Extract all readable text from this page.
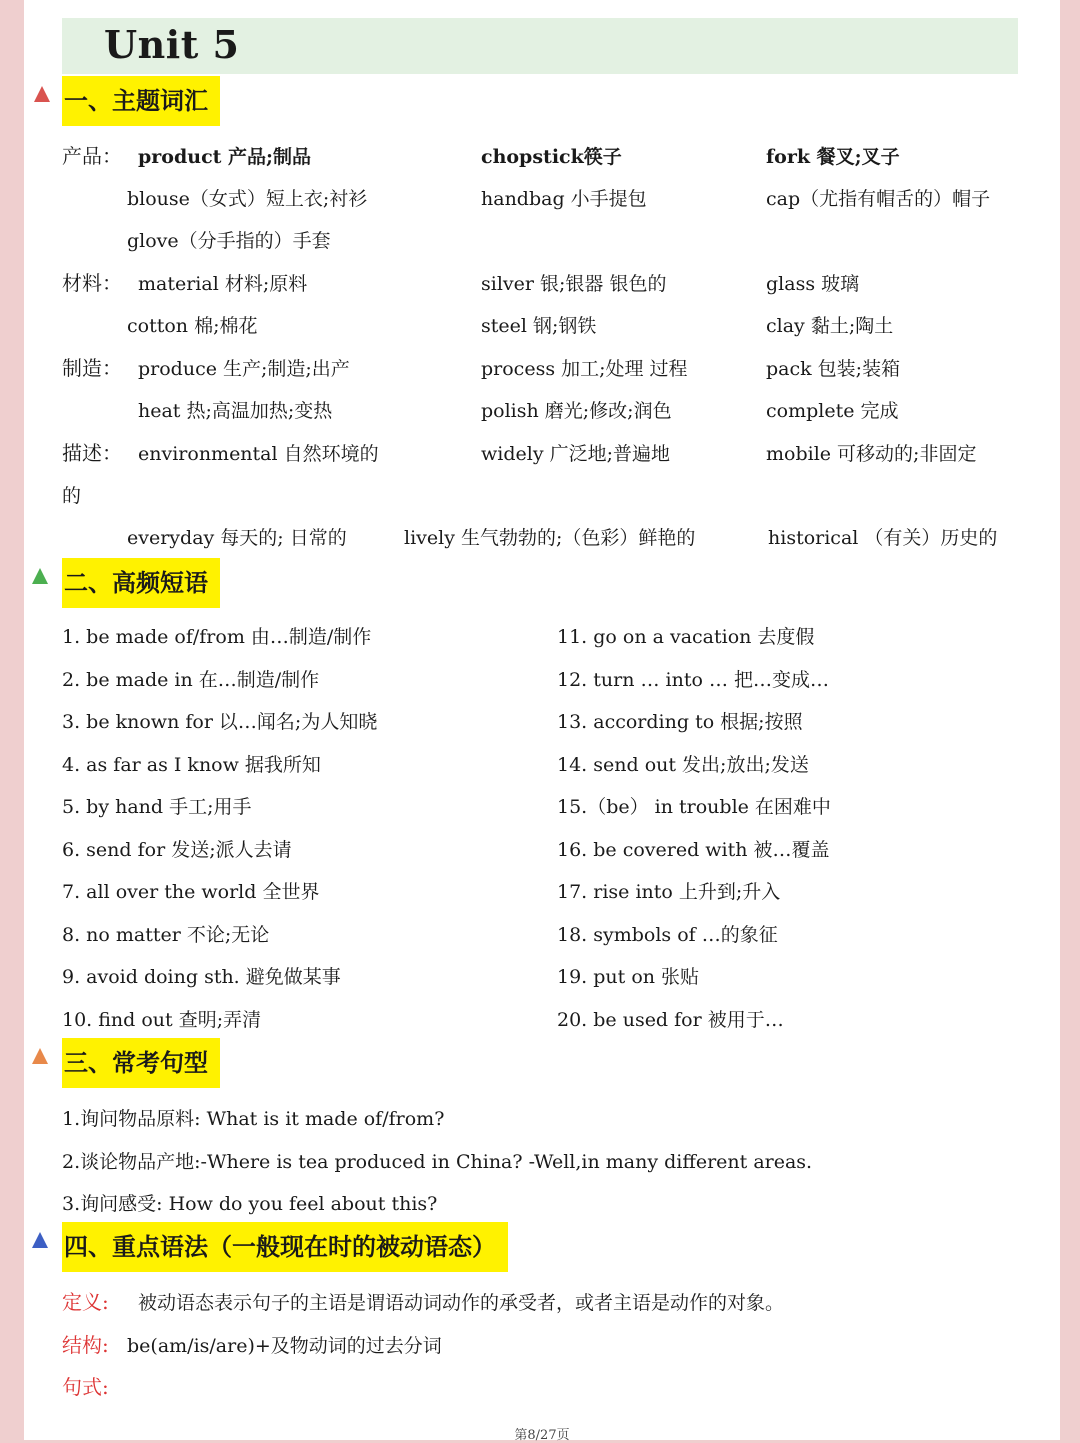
Unit 5
一、主题词汇
产品： product 产品;制品	chopstick筷子	fork 餐叉;叉子
blouse（女式）短上衣;衬衫	handbag 小手提包	cap（尤指有帽舌的）帽子
glove（分手指的）手套
材料： material 材料;原料	silver 银;银器 银色的	glass 玻璃
cotton 棉;棉花	steel 钢;钢铁	clay 黏土;陶土
制造： produce 生产;制造;出产	process 加工;处理 过程	pack 包装;装箱
heat 热;高温加热;变热	polish 磨光;修改;润色	complete 完成
描述： environmental 自然环境的	widely 广泛地;普遍地	mobile 可移动的;非固定
的
everyday 每天的; 日常的	lively 生气勃勃的;（色彩）鲜艳的	historical （有关）历史的
二、高频短语
1. be made of/from 由…制造/制作
2. be made in 在…制造/制作
3. be known for 以…闻名;为人知晓
4. as far as I know 据我所知
5. by hand 手工;用手
6. send for 发送;派人去请
7. all over the world 全世界
8. no matter 不论;无论
9. avoid doing sth. 避免做某事
10. find out 查明;弄清
11. go on a vacation 去度假
12. turn … into … 把…变成…
13. according to 根据;按照
14. send out 发出;放出;发送
15.（be） in trouble 在困难中
16. be covered with 被…覆盖
17. rise into 上升到;升入
18. symbols of …的象征
19. put on 张贴
20. be used for 被用于…
三、常考句型
1.询问物品原料: What is it made of/from?
2.谈论物品产地:-Where is tea produced in China? -Well,in many different areas.
3.询问感受: How do you feel about this?
四、重点语法（一般现在时的被动语态）
定义: 被动语态表示句子的主语是谓语动词动作的承受者，或者主语是动作的对象。
结构: be(am/is/are)+及物动词的过去分词
句式:
第8/27页
